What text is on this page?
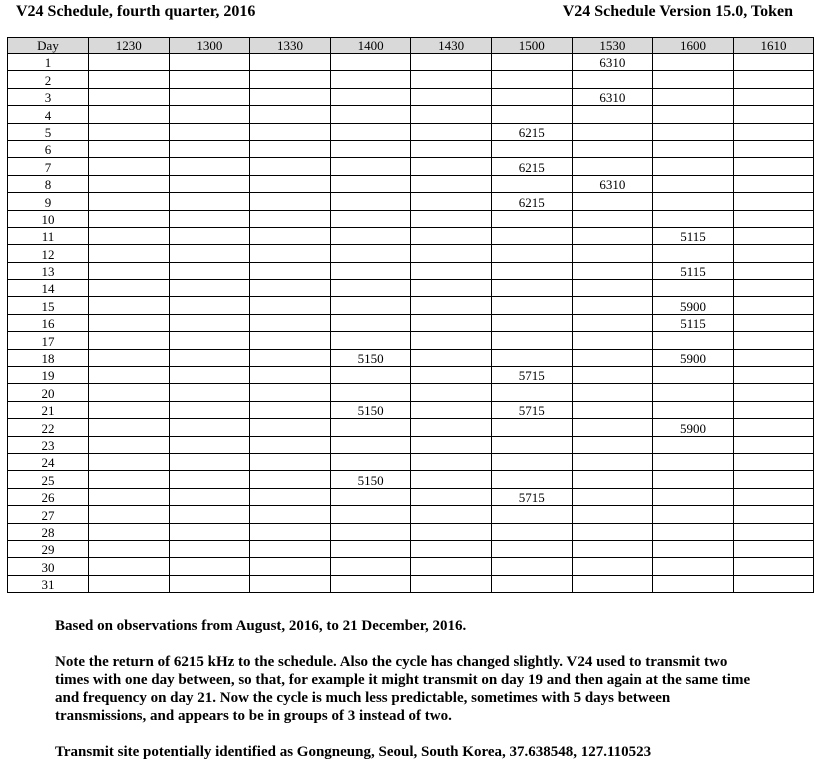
V24 Schedule, fourth quarter, 2016	V24 Schedule Version 15.0, Token
Day	1230	1300	1330	1400	1430	1500	1530	1600	1610
1							6310		
2									
3							6310		
4									
5						6215			
6									
7						6215			
8							6310		
9						6215			
10									
11								5115	
12									
13								5115	
14									
15								5900	
16								5115	
17									
18				5150				5900	
19						5715			
20									
21				5150		5715			
22								5900	
23									
24									
25				5150					
26						5715			
27									
28									
29									
30									
31									

Based on observations from August, 2016, to 21 December, 2016.

Note the return of 6215 kHz to the schedule. Also the cycle has changed slightly. V24 used to transmit two times with one day between, so that, for example it might transmit on day 19 and then again at the same time and frequency on day 21. Now the cycle is much less predictable, sometimes with 5 days between transmissions, and appears to be in groups of 3 instead of two.

Transmit site potentially identified as Gongneung, Seoul, South Korea, 37.638548, 127.110523
